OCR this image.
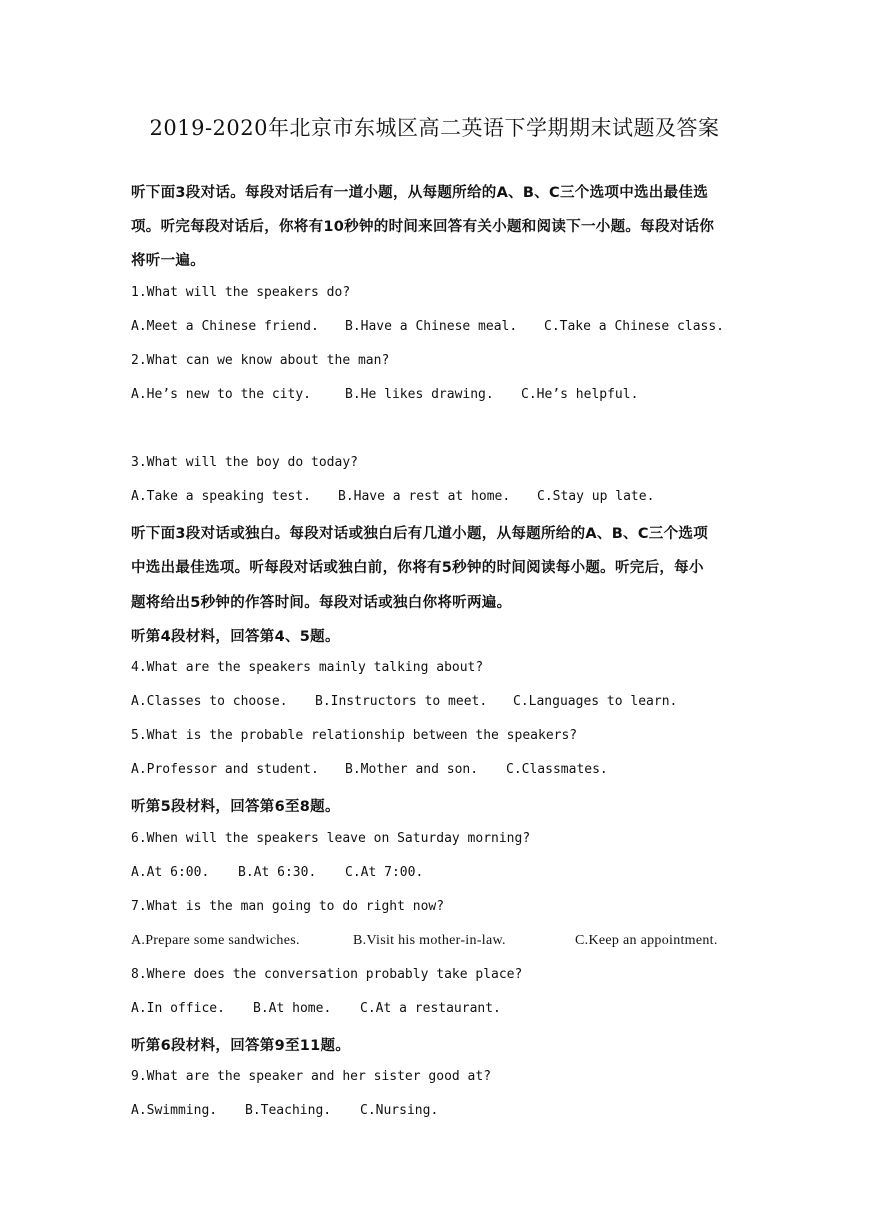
2019-2020年北京市东城区高二英语下学期期末试题及答案
听下面3段对话。每段对话后有一道小题，从每题所给的A、B、C三个选项中选出最佳选
项。听完每段对话后，你将有10秒钟的时间来回答有关小题和阅读下一小题。每段对话你
将听一遍。
1.What will the speakers do?
A.Meet a Chinese friend. B.Have a Chinese meal. C.Take a Chinese class.
2.What can we know about the man?
A.He’s new to the city.	B.He likes drawing. C.He’s helpful.
3.What will the boy do today?
A.Take a speaking test. B.Have a rest at home. C.Stay up late.
听下面3段对话或独白。每段对话或独白后有几道小题，从每题所给的A、B、C三个选项
中选出最佳选项。听每段对话或独白前，你将有5秒钟的时间阅读每小题。听完后，每小
题将给出5秒钟的作答时间。每段对话或独白你将听两遍。
听第4段材料，回答第4、5题。
4.What are the speakers mainly talking about?
A.Classes to choose. B.Instructors to meet. C.Languages to learn.
5.What is the probable relationship between the speakers?
A.Professor and student. B.Mother and son. C.Classmates.
听第5段材料，回答第6至8题。
6.When will the speakers leave on Saturday morning?
A.At 6:00. B.At 6:30. C.At 7:00.
7.What is the man going to do right now?
A.Prepare some sandwiches.	B.Visit his mother-in-law.	C.Keep an appointment.
8.Where does the conversation probably take place?
A.In office. B.At home. C.At a restaurant.
听第6段材料，回答第9至11题。
9.What are the speaker and her sister good at?
A.Swimming. B.Teaching. C.Nursing.
